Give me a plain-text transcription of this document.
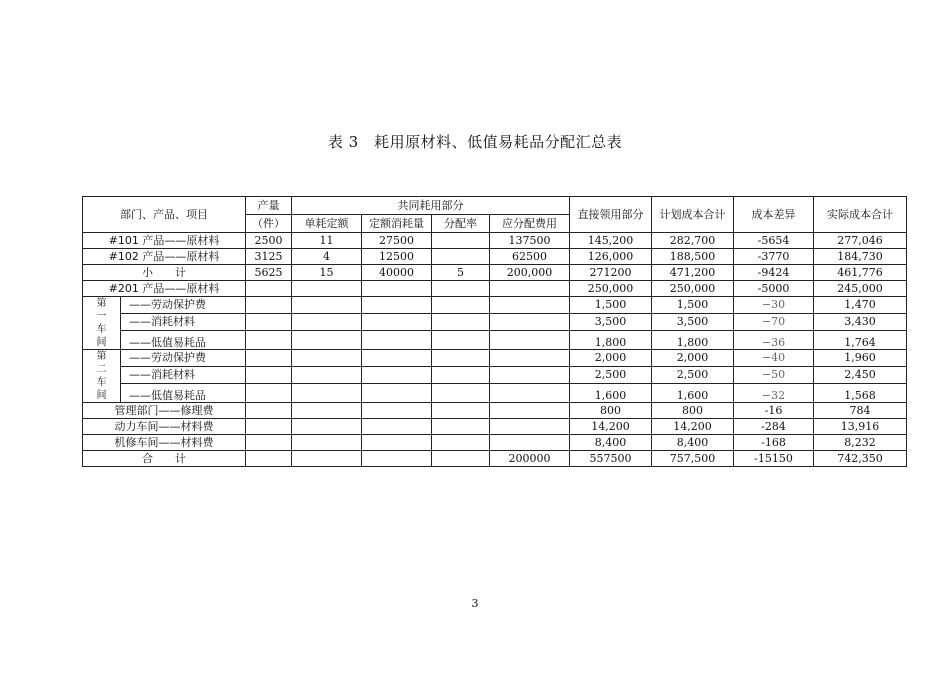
表 3　耗用原材料、低值易耗品分配汇总表
部门、产品、项目		产量	共同耗用部分				直接领用部分	计划成本合计	成本差异	实际成本合计
		（件）	单耗定额	定额消耗量	分配率	应分配费用				
#101 产品——原材料		2500	11	27500		137500	145,200	282,700	-5654	277,046
#102 产品——原材料		3125	4	12500		62500	126,000	188,500	-3770	184,730
小　　计		5625	15	40000	5	200,000	271200	471,200	-9424	461,776
#201 产品——原材料							250,000	250,000	-5000	245,000

第
一
车
间	——劳动保护费						1,500	1,500	−30	1,470
	——消耗材料						3,500	3,500	−70	3,430
	——低值易耗品						1,800	1,800	−36	1,764

第
二
车
间	——劳动保护费						2,000	2,000	−40	1,960
	——消耗材料						2,500	2,500	−50	2,450
	——低值易耗品						1,600	1,600	−32	1,568
管理部门——修理费							800	800	-16	784
动力车间——材料费							14,200	14,200	-284	13,916
机修车间——材料费							8,400	8,400	-168	8,232
合　　计						200000	557500	757,500	-15150	742,350
3
